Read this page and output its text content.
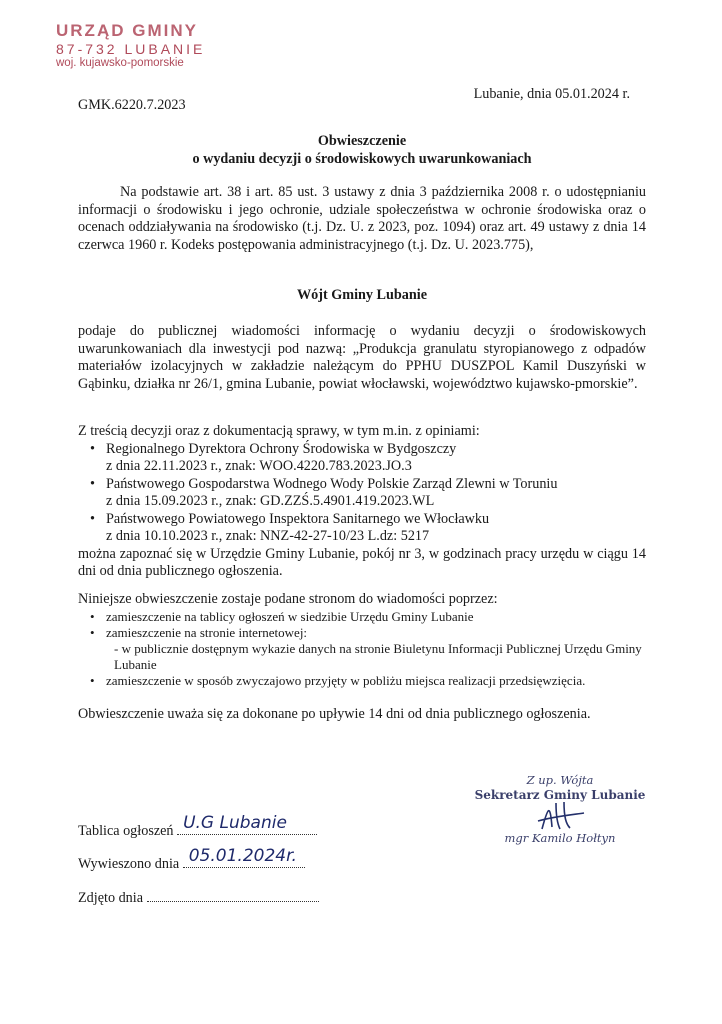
URZĄD GMINY
87-732 LUBANIE
woj. kujawsko-pomorskie
Lubanie, dnia 05.01.2024 r.
GMK.6220.7.2023
Obwieszczenie
o wydaniu decyzji o środowiskowych uwarunkowaniach
Na podstawie art. 38 i art. 85 ust. 3 ustawy z dnia 3 października 2008 r. o udostępnianiu informacji o środowisku i jego ochronie, udziale społeczeństwa w ochronie środowiska oraz o ocenach oddziaływania na środowisko (t.j. Dz. U. z 2023, poz. 1094) oraz art. 49 ustawy z dnia 14 czerwca 1960 r. Kodeks postępowania administracyjnego (t.j. Dz. U. 2023.775),
Wójt Gminy Lubanie
podaje do publicznej wiadomości informację o wydaniu decyzji o środowiskowych uwarunkowaniach dla inwestycji pod nazwą: „Produkcja granulatu styropianowego z odpadów materiałów izolacyjnych w zakładzie należącym do PPHU DUSZPOL Kamil Duszyński w Gąbinku, działka nr 26/1, gmina Lubanie, powiat włocławski, województwo kujawsko-pmorskie”.
Z treścią decyzji oraz z dokumentacją sprawy, w tym m.in. z opiniami:
• Regionalnego Dyrektora Ochrony Środowiska w Bydgoszczy
z dnia 22.11.2023 r., znak: WOO.4220.783.2023.JO.3
• Państwowego Gospodarstwa Wodnego Wody Polskie Zarząd Zlewni w Toruniu
z dnia 15.09.2023 r., znak: GD.ZZŚ.5.4901.419.2023.WL
• Państwowego Powiatowego Inspektora Sanitarnego we Włocławku
z dnia 10.10.2023 r., znak: NNZ-42-27-10/23 L.dz: 5217
można zapoznać się w Urzędzie Gminy Lubanie, pokój nr 3, w godzinach pracy urzędu w ciągu 14 dni od dnia publicznego ogłoszenia.
Niniejsze obwieszczenie zostaje podane stronom do wiadomości poprzez:
• zamieszczenie na tablicy ogłoszeń w siedzibie Urzędu Gminy Lubanie
• zamieszczenie na stronie internetowej:
- w publicznie dostępnym wykazie danych na stronie Biuletynu Informacji Publicznej Urzędu Gminy Lubanie
• zamieszczenie w sposób zwyczajowo przyjęty w pobliżu miejsca realizacji przedsięwzięcia.
Obwieszczenie uważa się za dokonane po upływie 14 dni od dnia publicznego ogłoszenia.
Z up. Wójta
Sekretarz Gminy Lubanie
mgr Kamilo Hołtyn
Tablica ogłoszeń U.G Lubanie
Wywieszono dnia 05.01.2024r.
Zdjęto dnia
